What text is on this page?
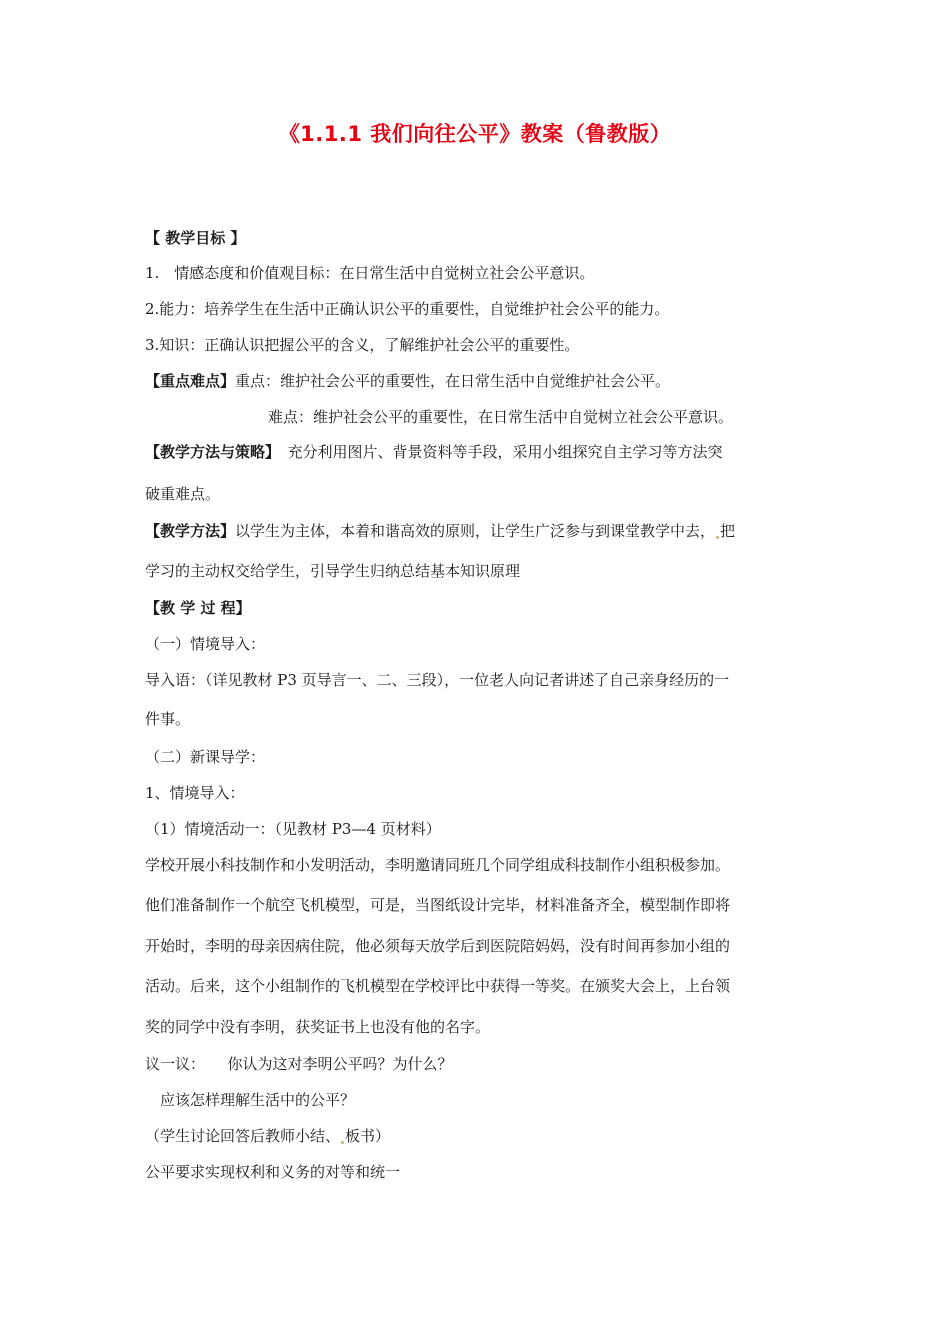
《1.1.1 我们向往公平》教案（鲁教版）
【 教学目标 】
1.　情感态度和价值观目标：在日常生活中自觉树立社会公平意识。
2.能力：培养学生在生活中正确认识公平的重要性，自觉维护社会公平的能力。
3.知识：正确认识把握公平的含义，了解维护社会公平的重要性。
【重点难点】重点：维护社会公平的重要性，在日常生活中自觉维护社会公平。
难点：维护社会公平的重要性，在日常生活中自觉树立社会公平意识。
【教学方法与策略】　充分利用图片、背景资料等手段，采用小组探究自主学习等方法突
破重难点。
【教学方法】以学生为主体，本着和谐高效的原则，让学生广泛参与到课堂教学中去， 把
学习的主动权交给学生，引导学生归纳总结基本知识原理
【教 学 过 程】
（一）情境导入：
导入语：（详见教材 P3 页导言一、二、三段），一位老人向记者讲述了自己亲身经历的一
件事。
（二）新课导学：
1、情境导入：
（1）情境活动一：（见教材 P3—4 页材料）
学校开展小科技制作和小发明活动，李明邀请同班几个同学组成科技制作小组积极参加。
他们准备制作一个航空飞机模型，可是，当图纸设计完毕，材料准备齐全，模型制作即将
开始时，李明的母亲因病住院，他必须每天放学后到医院陪妈妈，没有时间再参加小组的
活动。后来，这个小组制作的飞机模型在学校评比中获得一等奖。在颁奖大会上，上台领
奖的同学中没有李明，获奖证书上也没有他的名字。
议一议：　　你认为这对李明公平吗？为什么？
　应该怎样理解生活中的公平？
（学生讨论回答后教师小结、 板书）
公平要求实现权利和义务的对等和统一
